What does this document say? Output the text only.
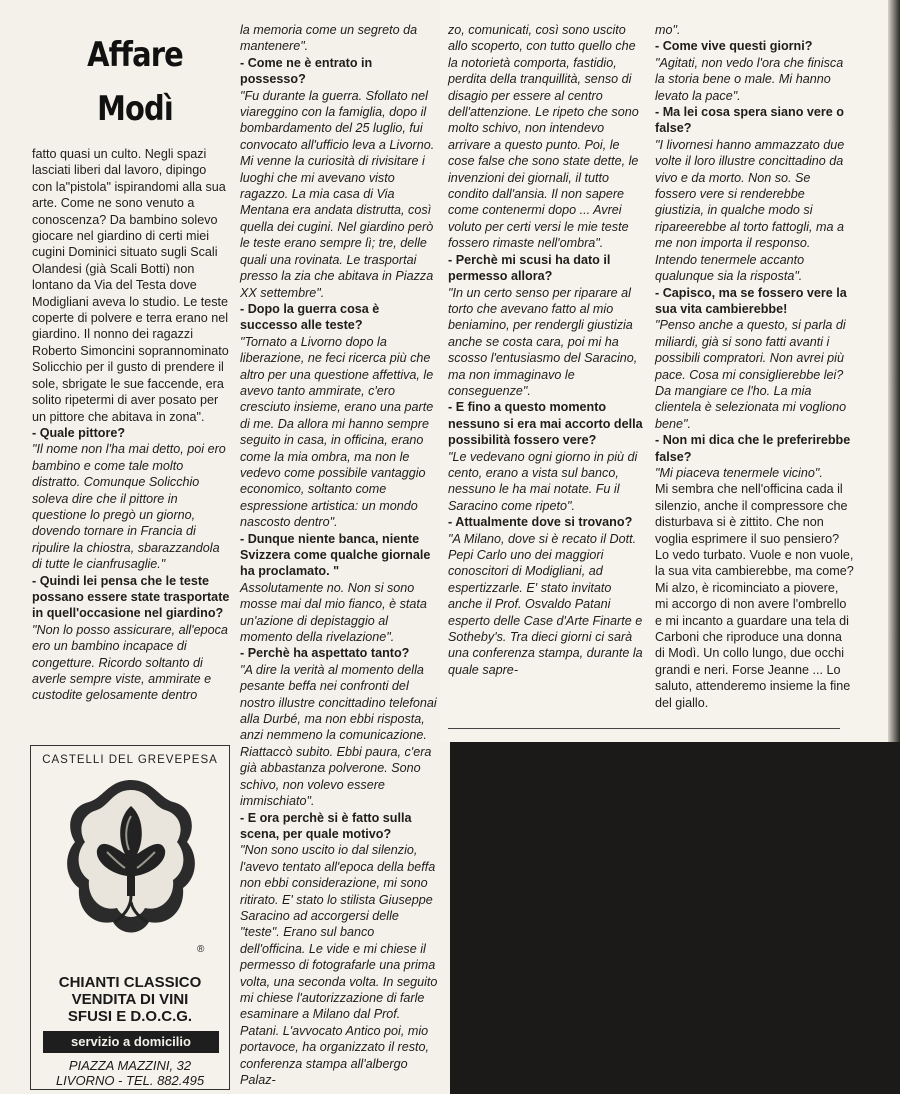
Affare
Modì

fatto quasi un culto. Negli spazi lasciati liberi dal lavoro, dipingo con la"pistola" ispirandomi alla sua arte. Come ne sono venuto a conoscenza? Da bambino solevo giocare nel giardino di certi miei cugini Dominici situato sugli Scali Olandesi (già Scali Botti) non lontano da Via del Testa dove Modigliani aveva lo studio. Le teste coperte di polvere e terra erano nel giardino. Il nonno dei ragazzi Roberto Simoncini soprannominato Solicchio per il gusto di prendere il sole, sbrigate le sue faccende, era solito ripetermi di aver posato per un pittore che abitava in zona".

- Quale pittore?

"Il nome non l'ha mai detto, poi ero bambino e come tale molto distratto. Comunque Solicchio soleva dire che il pittore in questione lo pregò un giorno, dovendo tornare in Francia di ripulire la chiostra, sbarazzandola di tutte le cianfrusaglie."

- Quindi lei pensa che le teste possano essere state trasportate in quell'occasione nel giardino?

"Non lo posso assicurare, all'epoca ero un bambino incapace di congetture. Ricordo soltanto di averle sempre viste, ammirate e custodite gelosamente dentro

la memoria come un segreto da mantenere".

- Come ne è entrato in possesso?

"Fu durante la guerra. Sfollato nel viareggino con la famiglia, dopo il bombardamento del 25 luglio, fui convocato all'ufficio leva a Livorno. Mi venne la curiosità di rivisitare i luoghi che mi avevano visto ragazzo. La mia casa di Via Mentana era andata distrutta, così quella dei cugini. Nel giardino però le teste erano sempre lì; tre, delle quali una rovinata. Le trasportai presso la zia che abitava in Piazza XX settembre".

- Dopo la guerra cosa è successo alle teste?

"Tornato a Livorno dopo la liberazione, ne feci ricerca più che altro per una questione affettiva, le avevo tanto ammirate, c'ero cresciuto insieme, erano una parte di me. Da allora mi hanno sempre seguito in casa, in officina, erano come la mia ombra, ma non le vedevo come possibile vantaggio economico, soltanto come espressione artistica: un mondo nascosto dentro".

- Dunque niente banca, niente Svizzera come qualche giornale ha proclamato. "

Assolutamente no. Non si sono mosse mai dal mio fianco, è stata un'azione di depistaggio al momento della rivelazione".

- Perchè ha aspettato tanto?

"A dire la verità al momento della pesante beffa nei confronti del nostro illustre concittadino telefonai alla Durbé, ma non ebbi risposta, anzi nemmeno la comunicazione. Riattaccò subito. Ebbi paura, c'era già abbastanza polverone. Sono schivo, non volevo essere immischiato".

- E ora perchè si è fatto sulla scena, per quale motivo?

"Non sono uscito io dal silenzio, l'avevo tentato all'epoca della beffa non ebbi considerazione, mi sono ritirato. E' stato lo stilista Giuseppe Saracino ad accorgersi delle "teste". Erano sul banco dell'officina. Le vide e mi chiese il permesso di fotografarle una prima volta, una seconda volta. In seguito mi chiese l'autorizzazione di farle esaminare a Milano dal Prof. Patani. L'avvocato Antico poi, mio portavoce, ha organizzato il resto, conferenza stampa all'albergo Palaz-

zo, comunicati, così sono uscito allo scoperto, con tutto quello che la notorietà comporta, fastidio, perdita della tranquillità, senso di disagio per essere al centro dell'attenzione. Le ripeto che sono molto schivo, non intendevo arrivare a questo punto. Poi, le cose false che sono state dette, le invenzioni dei giornali, il tutto condito dall'ansia. Il non sapere come contenermi dopo ... Avrei voluto per certi versi le mie teste fossero rimaste nell'ombra".

- Perchè mi scusi ha dato il permesso allora?

"In un certo senso per riparare al torto che avevano fatto al mio beniamino, per rendergli giustizia anche se costa cara, poi mi ha scosso l'entusiasmo del Saracino, ma non immaginavo le conseguenze".

- E fino a questo momento nessuno si era mai accorto della possibilità fossero vere?

"Le vedevano ogni giorno in più di cento, erano a vista sul banco, nessuno le ha mai notate. Fu il Saracino come ripeto".

- Attualmente dove si trovano?

"A Milano, dove si è recato il Dott. Pepi Carlo uno dei maggiori conoscitori di Modigliani, ad espertizzarle. E' stato invitato anche il Prof. Osvaldo Patani esperto delle Case d'Arte Finarte e Sotheby's. Tra dieci giorni ci sarà una conferenza stampa, durante la quale sapre-

mo".

- Come vive questi giorni?

"Agitati, non vedo l'ora che finisca la storia bene o male. Mi hanno levato la pace".

- Ma lei cosa spera siano vere o false?

"I livornesi hanno ammazzato due volte il loro illustre concittadino da vivo e da morto. Non so. Se fossero vere si renderebbe giustizia, in qualche modo si ripareerebbe al torto fattogli, ma a me non importa il responso. Intendo tenermele accanto qualunque sia la risposta".

- Capisco, ma se fossero vere la sua vita cambierebbe!

"Penso anche a questo, si parla di miliardi, già si sono fatti avanti i possibili compratori. Non avrei più pace. Cosa mi consiglierebbe lei? Da mangiare ce l'ho. La mia clientela è selezionata mi vogliono bene".

- Non mi dica che le preferirebbe false?

"Mi piaceva tenermele vicino".

Mi sembra che nell'officina cada il silenzio, anche il compressore che disturbava si è zittito. Che non voglia esprimere il suo pensiero? Lo vedo turbato. Vuole e non vuole, la sua vita cambierebbe, ma come? Mi alzo, è ricominciato a piovere, mi accorgo di non avere l'ombrello e mi incanto a guardare una tela di Carboni che riproduce una donna di Modì. Un collo lungo, due occhi grandi e neri. Forse Jeanne ... Lo saluto, attenderemo insieme la fine del giallo.

CASTELLI DEL GREVEPESA
®
CHIANTI CLASSICO
VENDITA DI VINI
SFUSI E D.O.C.G.
servizio a domicilio
PIAZZA MAZZINI, 32
LIVORNO - TEL. 882.495
